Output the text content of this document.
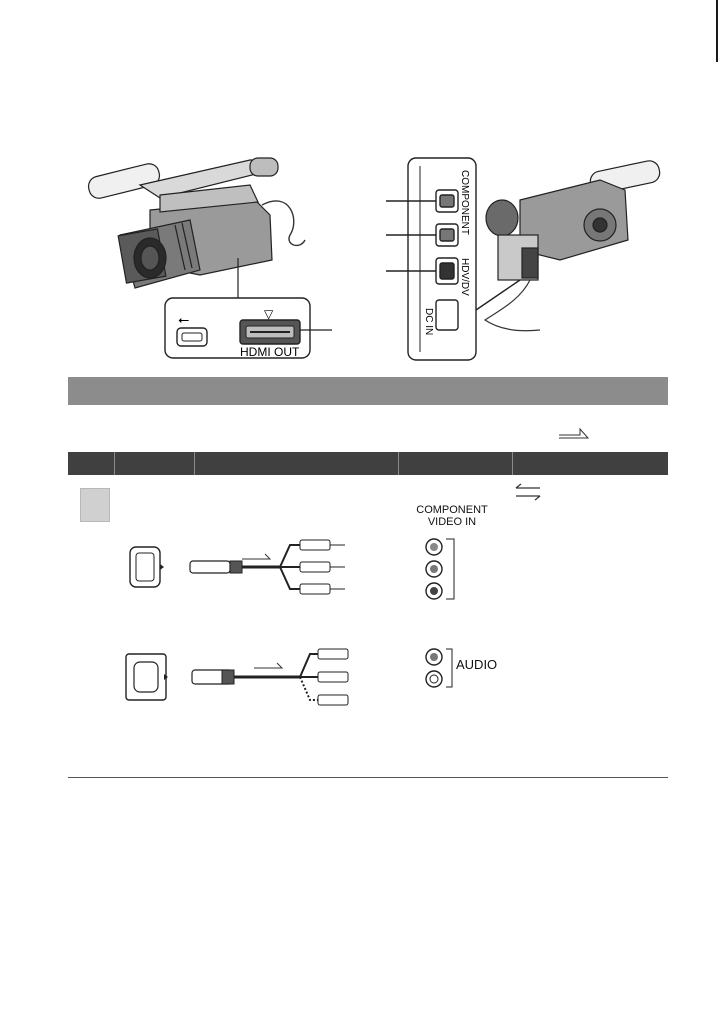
⭠	▽
HDMI OUT
COMPONENT
HDV/DV
DC IN
COMPONENT
VIDEO IN
AUDIO
